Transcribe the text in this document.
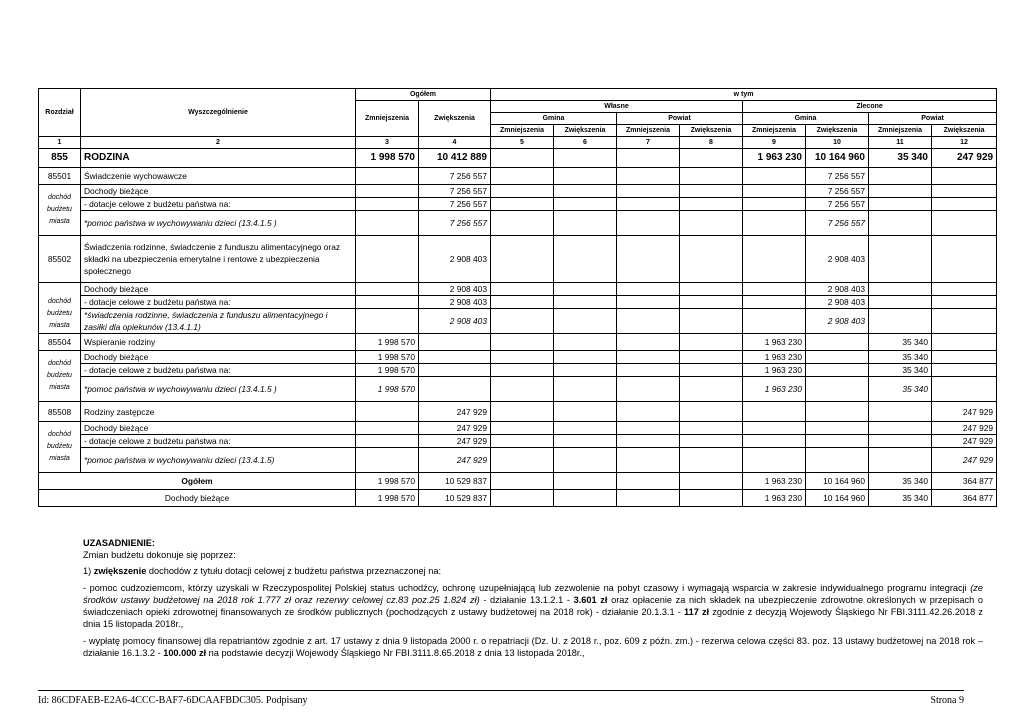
Rozdział	Wyszczególnienie	Ogółem		w tym							
		Zmniejszenia	Zwiększenia	Własne				Zlecone			
				Gmina		Powiat		Gmina		Powiat	
				Zmniejszenia	Zwiększenia	Zmniejszenia	Zwiększenia	Zmniejszenia	Zwiększenia	Zmniejszenia	Zwiększenia
1	2	3	4	5	6	7	8	9	10	11	12
855	RODZINA	1 998 570	10 412 889					1 963 230	10 164 960	35 340	247 929
85501	Świadczenie wychowawcze		7 256 557						7 256 557		
dochód budżetu miasta	Dochody bieżące		7 256 557						7 256 557		
	- dotacje celowe z budżetu państwa na:		7 256 557						7 256 557		
	*pomoc państwa w wychowywaniu dzieci (13.4.1.5 )		7 256 557						7 256 557		
85502	Świadczenia rodzinne, świadczenie z funduszu alimentacyjnego oraz składki na ubezpieczenia emerytalne i rentowe z ubezpieczenia społecznego		2 908 403						2 908 403		
	Dochody bieżące		2 908 403						2 908 403		
dochód budżetu miasta	- dotacje celowe z budżetu państwa na:		2 908 403						2 908 403		
	*świadczenia rodzinne, świadczenia z funduszu alimentacyjnego i zasiłki dla opiekunów (13.4.1.1)		2 908 403						2 908 403		
85504	Wspieranie rodziny	1 998 570						1 963 230		35 340	
dochód budżetu miasta	Dochody bieżące	1 998 570						1 963 230		35 340	
	- dotacje celowe z budżetu państwa na:	1 998 570						1 963 230		35 340	
	*pomoc państwa w wychowywaniu dzieci (13.4.1.5 )	1 998 570						1 963 230		35 340	
85508	Rodziny zastępcze		247 929								247 929
dochód budżetu miasta	Dochody bieżące		247 929								247 929
	- dotacje celowe z budżetu państwa na:		247 929								247 929
	*pomoc państwa w wychowywaniu dzieci (13.4.1.5)		247 929								247 929
Ogółem		1 998 570	10 529 837					1 963 230	10 164 960	35 340	364 877
Dochody bieżące		1 998 570	10 529 837					1 963 230	10 164 960	35 340	364 877

UZASADNIENIE:

Zmian budżetu dokonuje się poprzez:

1) zwiększenie dochodów z tytułu dotacji celowej z budżetu państwa przeznaczonej na:

- pomoc cudzoziemcom, którzy uzyskali w Rzeczypospolitej Polskiej status uchodźcy, ochronę uzupełniającą lub zezwolenie na pobyt czasowy i wymagają wsparcia w zakresie indywidualnego programu integracji (ze środków ustawy budżetowej na 2018 rok 1.777 zł oraz rezerwy celowej cz.83 poz.25 1.824 zł) - działanie 13.1.2.1 - 3.601 zł oraz opłacenie za nich składek na ubezpieczenie zdrowotne określonych w przepisach o świadczeniach opieki zdrowotnej finansowanych ze środków publicznych (pochodzących z ustawy budżetowej na 2018 rok) - działanie 20.1.3.1 - 117 zł zgodnie z decyzją Wojewody Śląskiego Nr FBI.3111.42.26.2018 z dnia 15 listopada 2018r.,

- wypłatę pomocy finansowej dla repatriantów zgodnie z art. 17 ustawy z dnia 9 listopada 2000 r. o repatriacji (Dz. U. z 2018 r., poz. 609 z późn. zm.) - rezerwa celowa części 83. poz. 13 ustawy budżetowej na 2018 rok – działanie 16.1.3.2 - 100.000 zł na podstawie decyzji Wojewody Śląskiego Nr FBI.3111.8.65.2018 z dnia 13 listopada 2018r.,

Id: 86CDFAEB-E2A6-4CCC-BAF7-6DCAAFBDC305. Podpisany	Strona 9
